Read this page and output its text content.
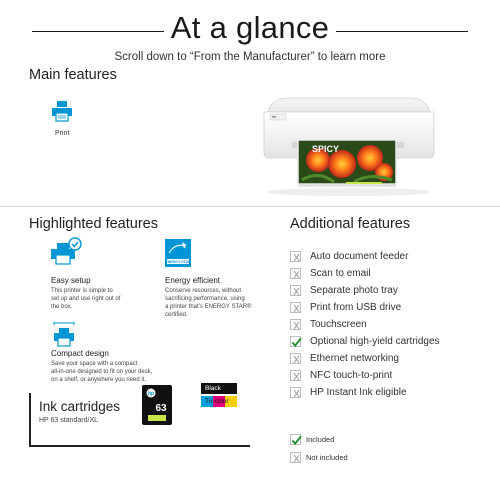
At a glance
Scroll down to “From the Manufacturer” to learn more
Main features
Print
SPICY
Highlighted features
Easy setup
This printer is simple to
set up and use right out of
the box.
ENERGY STAR
Energy efficient
Conserve resources, without
sacrificing performance, using
a printer that’s ENERGY STAR®
certified.
Compact design
Save your space with a compact
all-in-one designed to fit on your desk,
on a shelf, or anywhere you need it.
Additional features
Auto document feeder
Scan to email
Separate photo tray
Print from USB drive
Touchscreen
Optional high-yield cartridges
Ethernet networking
NFC touch-to-print
HP Instant Ink eligible
Included
Not included
Ink cartridges
HP 63 standard/XL
hp
63
Black
Tri-color
